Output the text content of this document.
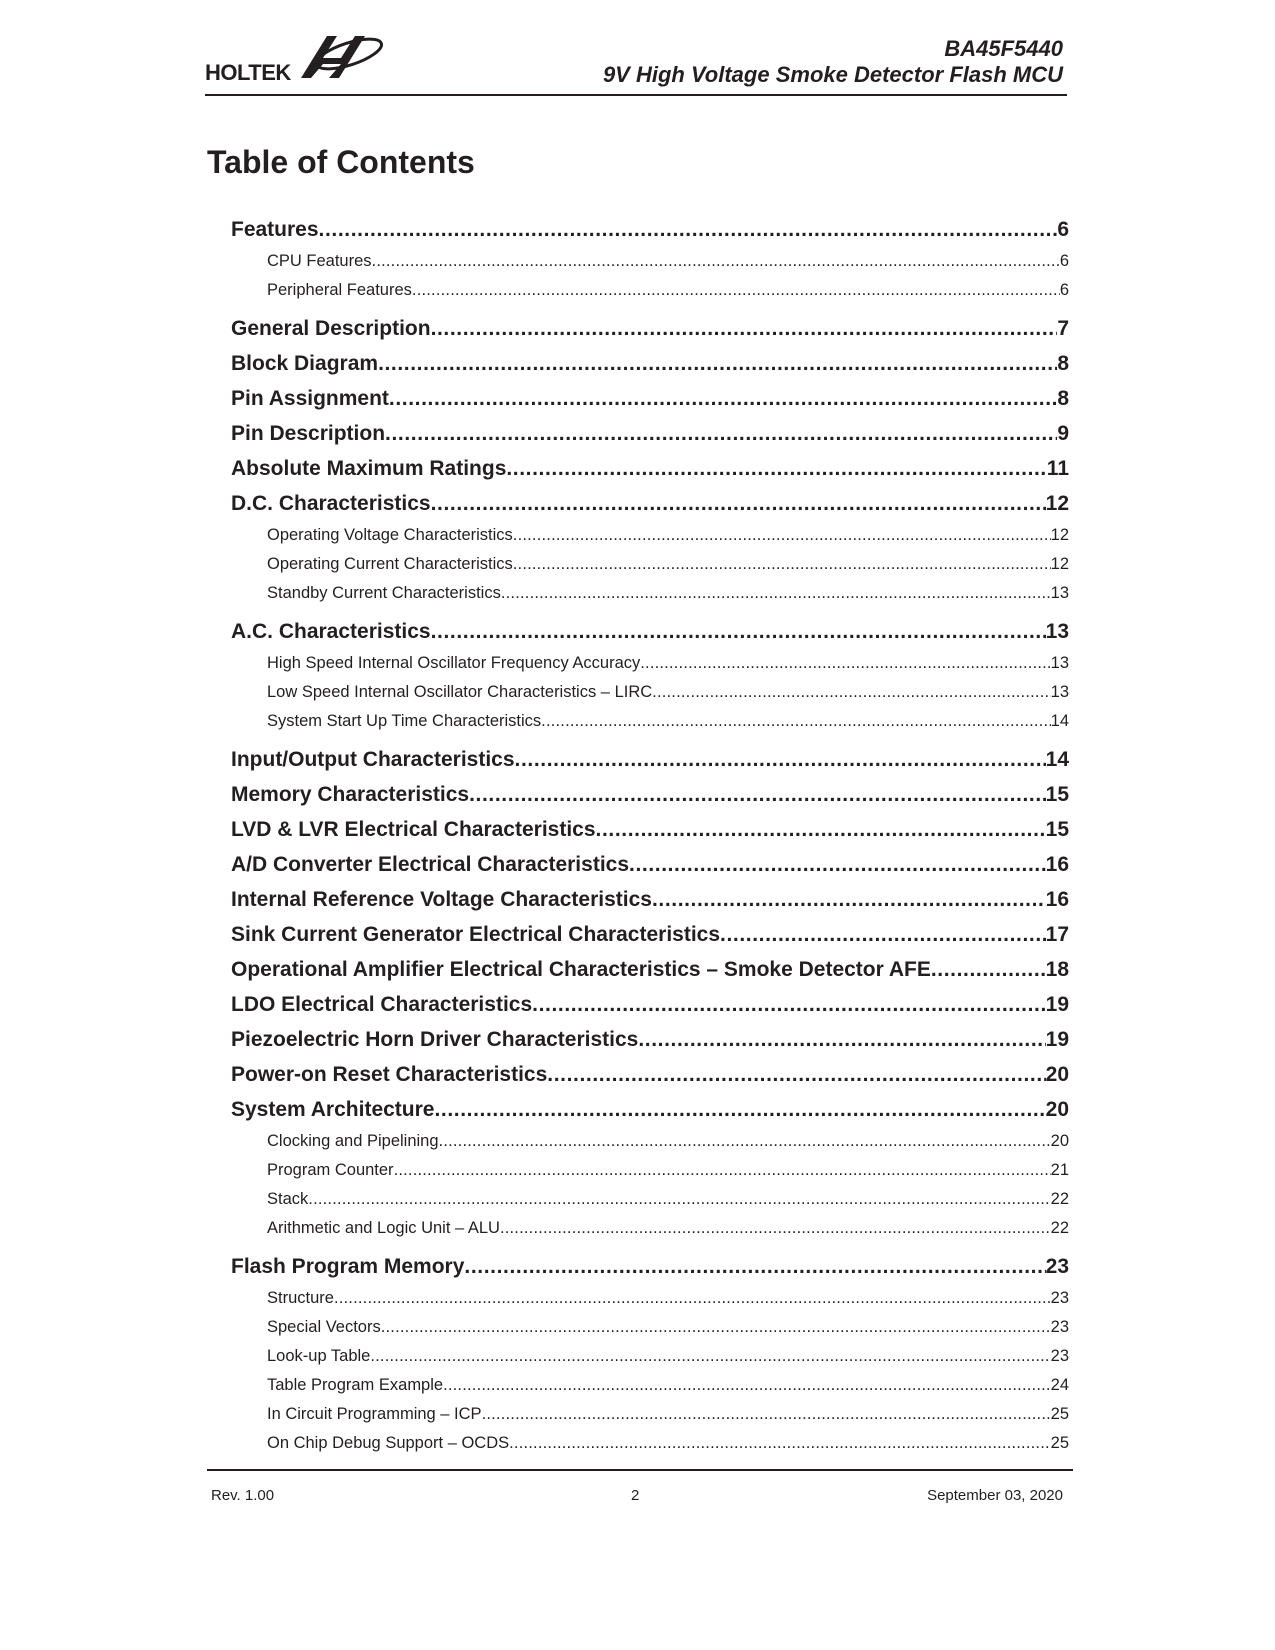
HOLTEK
BA45F5440
9V High Voltage Smoke Detector Flash MCU
Table of Contents
Features .....	6
CPU Features .....	6
Peripheral Features .....	6
General Description .....	7
Block Diagram .....	8
Pin Assignment .....	8
Pin Description .....	9
Absolute Maximum Ratings .....	11
D.C. Characteristics .....	12
Operating Voltage Characteristics .....	12
Operating Current Characteristics .....	12
Standby Current Characteristics .....	13
A.C. Characteristics .....	13
High Speed Internal Oscillator Frequency Accuracy .....	13
Low Speed Internal Oscillator Characteristics – LIRC .....	13
System Start Up Time Characteristics .....	14
Input/Output Characteristics .....	14
Memory Characteristics .....	15
LVD & LVR Electrical Characteristics .....	15
A/D Converter Electrical Characteristics .....	16
Internal Reference Voltage Characteristics .....	16
Sink Current Generator Electrical Characteristics .....	17
Operational Amplifier Electrical Characteristics – Smoke Detector AFE .....	18
LDO Electrical Characteristics .....	19
Piezoelectric Horn Driver Characteristics .....	19
Power-on Reset Characteristics .....	20
System Architecture .....	20
Clocking and Pipelining .....	20
Program Counter .....	21
Stack .....	22
Arithmetic and Logic Unit – ALU .....	22
Flash Program Memory .....	23
Structure .....	23
Special Vectors .....	23
Look-up Table .....	23
Table Program Example .....	24
In Circuit Programming – ICP .....	25
On Chip Debug Support – OCDS .....	25
Rev. 1.00	2	September 03, 2020
